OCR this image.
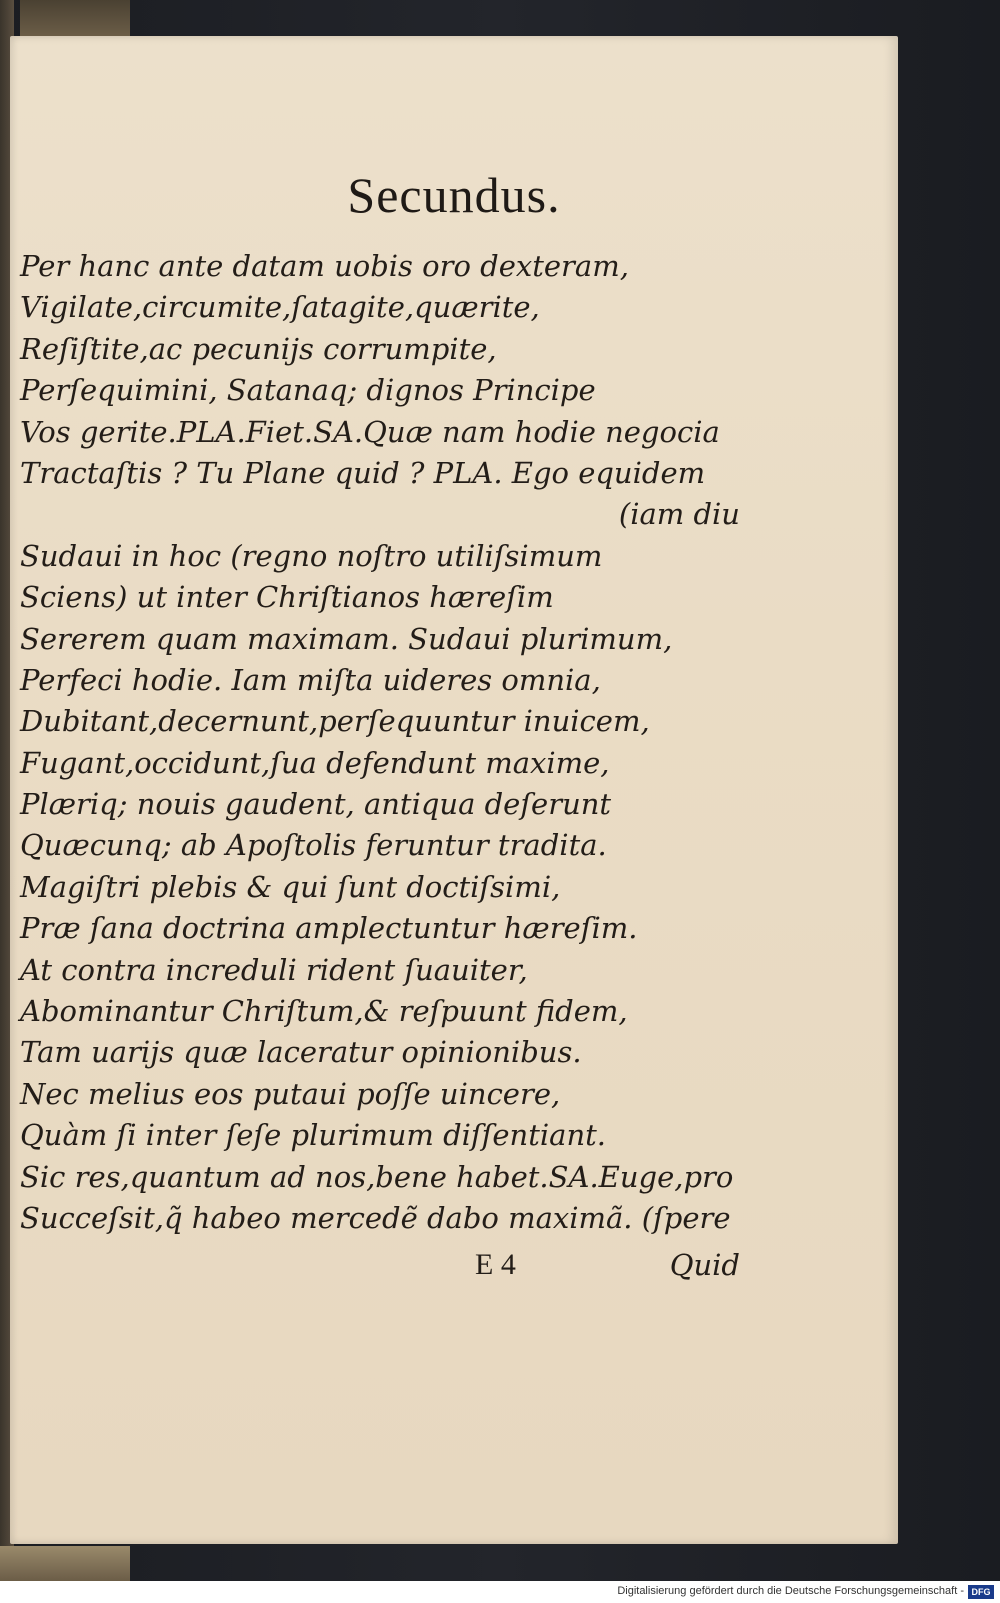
Secundus.
Per hanc ante datam uobis oro dexteram,
Vigilate,circumite,ſatagite,quærite,
Reſiſtite,ac pecunijs corrumpite,
Perſequimini, Satanaq; dignos Principe
Vos gerite.PLA.Fiet.SA.Quæ nam hodie negocia
Tractaſtis ? Tu Plane quid ? PLA. Ego equidem
(iam diu
Sudaui in hoc (regno noſtro utiliſsimum
Sciens) ut inter Chriſtianos hæreſim
Sererem quam maximam. Sudaui plurimum,
Perfeci hodie. Iam miſta uideres omnia,
Dubitant,decernunt,perſequuntur inuicem,
Fugant,occidunt,ſua defendunt maxime,
Plæriq; nouis gaudent, antiqua deſerunt
Quæcunq; ab Apoſtolis feruntur tradita.
Magiſtri plebis & qui ſunt doctiſsimi,
Præ ſana doctrina amplectuntur hæreſim.
At contra increduli rident ſuauiter,
Abominantur Chriſtum,& reſpuunt fidem,
Tam uarijs quæ laceratur opinionibus.
Nec melius eos putaui poſſe uincere,
Quàm ſi inter ſeſe plurimum diſſentiant.
Sic res,quantum ad nos,bene habet.SA.Euge,pro
Succeſsit,q̃ habeo mercedẽ dabo maximã. (ſpere
E 4	Quid
Digitalisierung gefördert durch die Deutsche Forschungsgemeinschaft - DFG
